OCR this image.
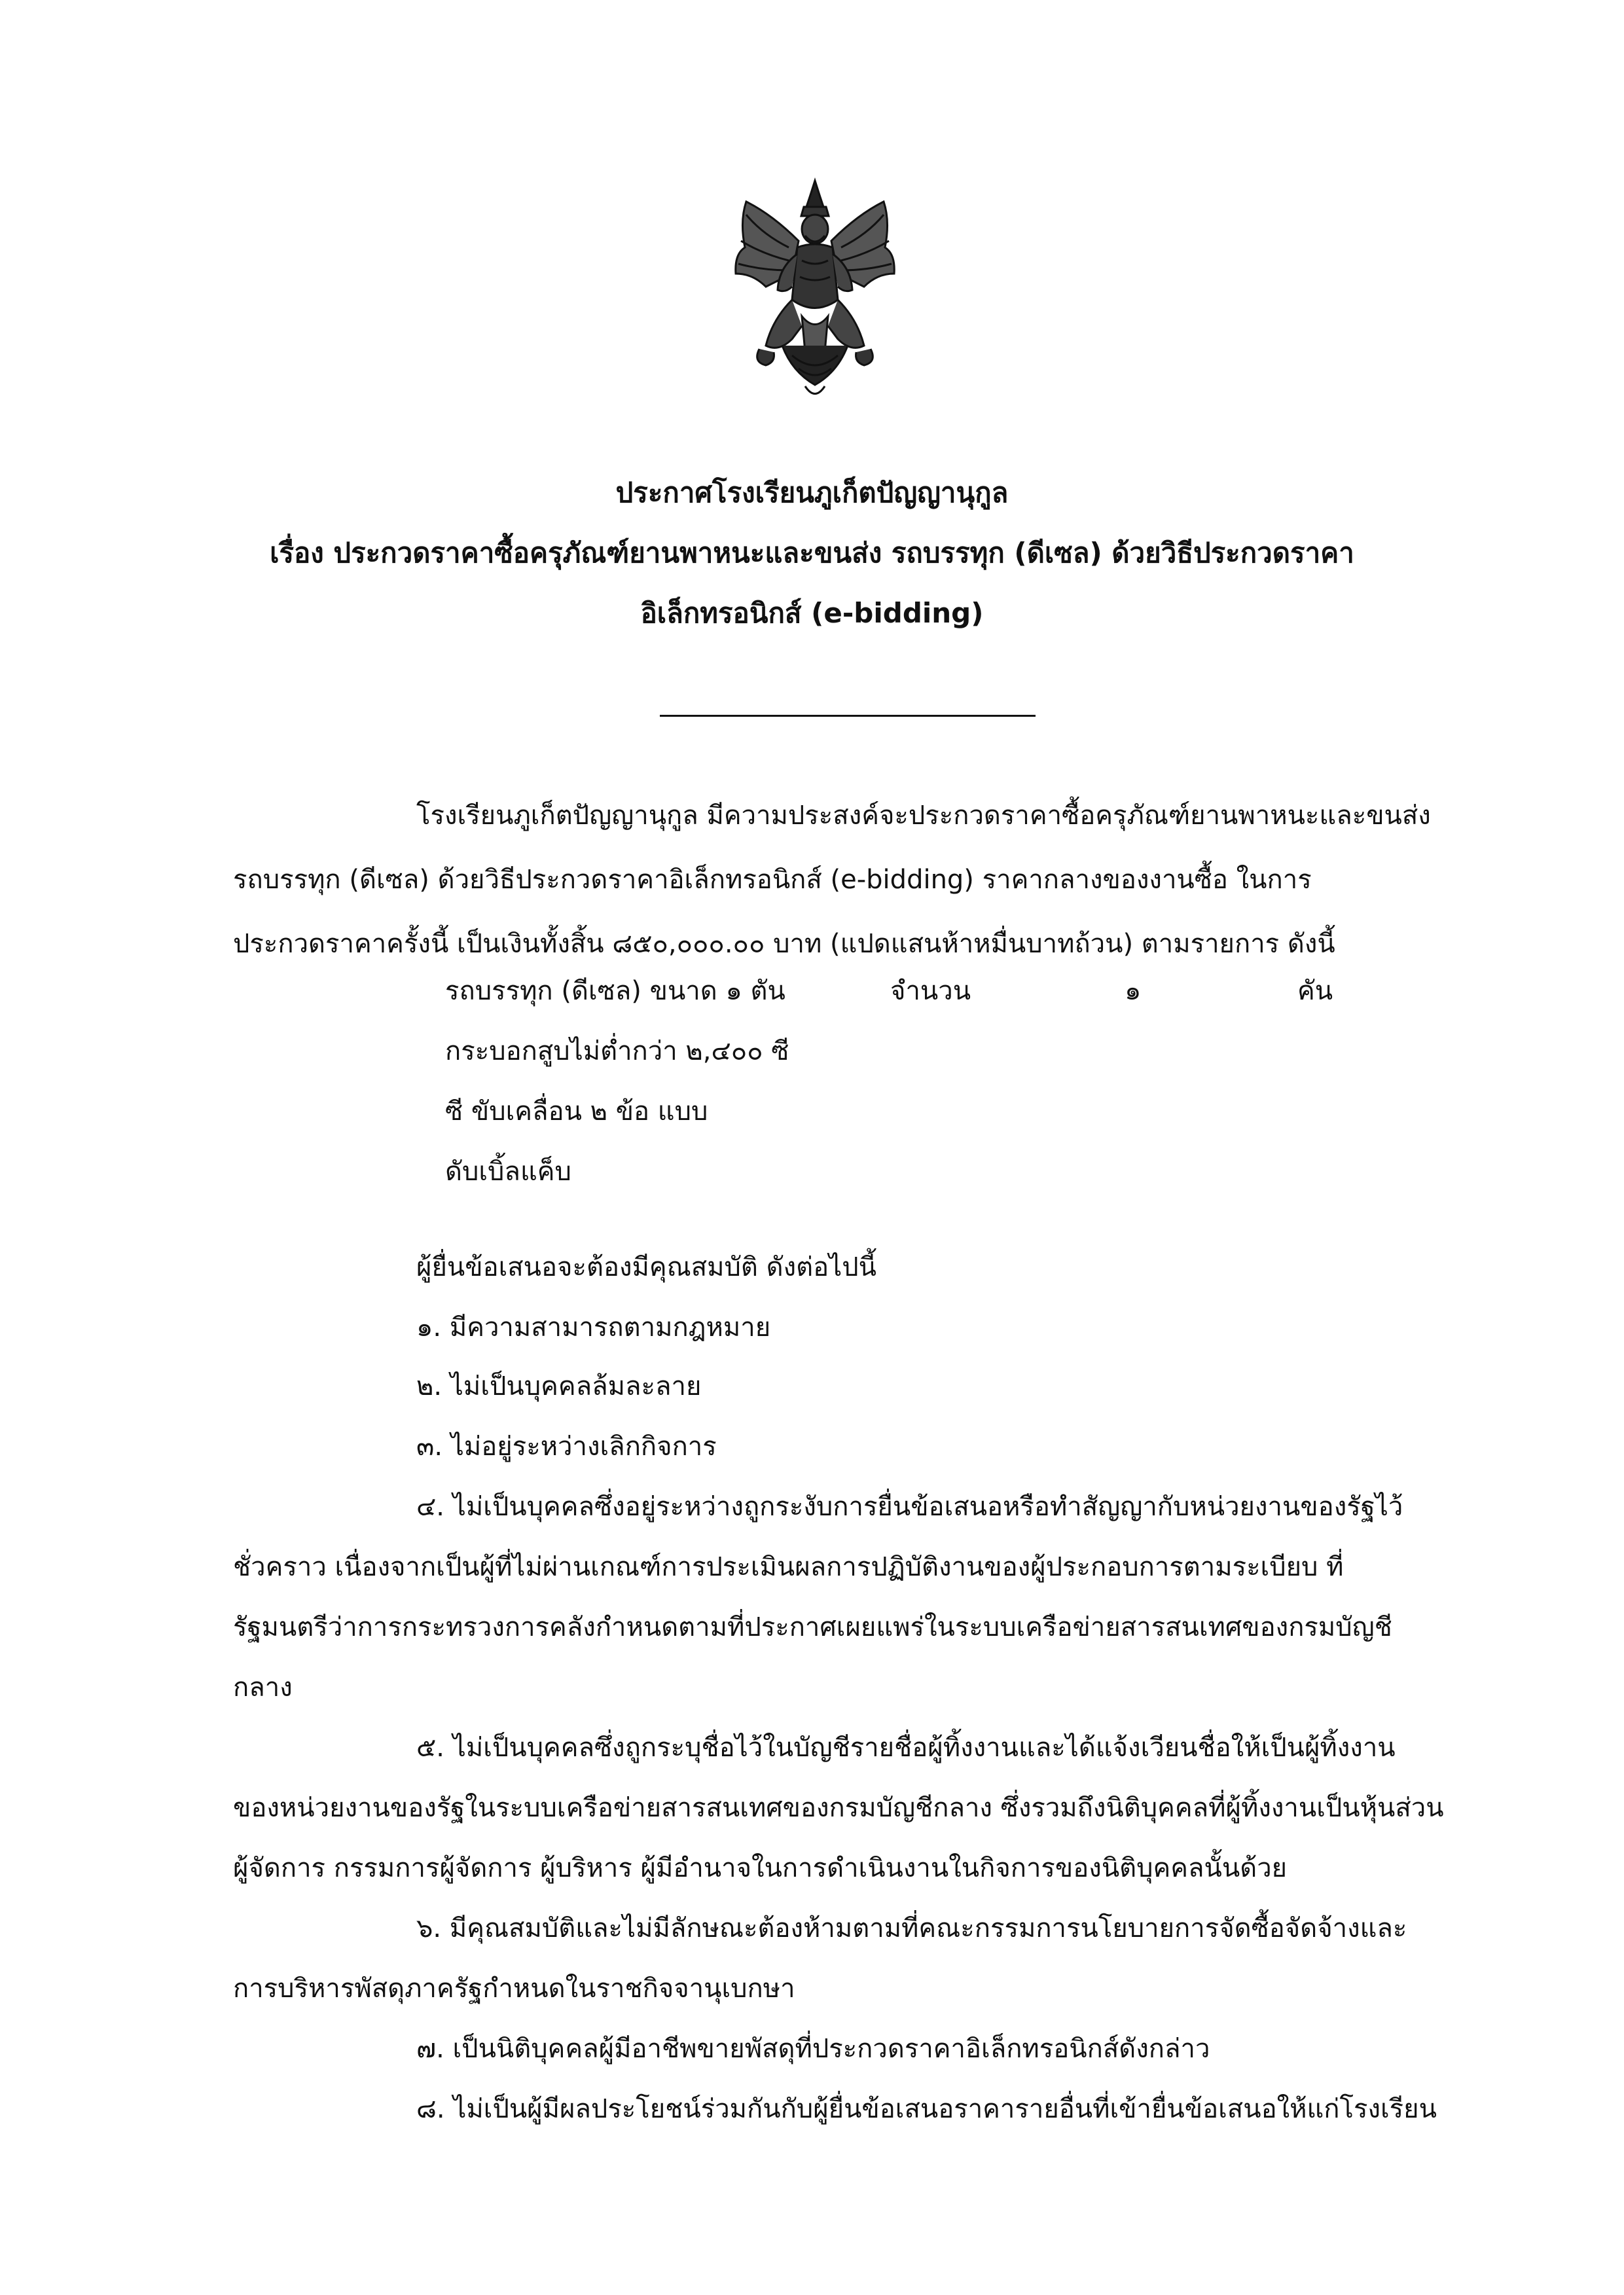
ประกาศโรงเรียนภูเก็ตปัญญานุกูล
เรื่อง ประกวดราคาซื้อครุภัณฑ์ยานพาหนะและขนส่ง รถบรรทุก (ดีเซล) ด้วยวิธีประกวดราคา
อิเล็กทรอนิกส์ (e-bidding)
โรงเรียนภูเก็ตปัญญานุกูล มีความประสงค์จะประกวดราคาซื้อครุภัณฑ์ยานพาหนะและขนส่ง
รถบรรทุก (ดีเซล) ด้วยวิธีประกวดราคาอิเล็กทรอนิกส์ (e-bidding) ราคากลางของงานซื้อ ในการ
ประกวดราคาครั้งนี้ เป็นเงินทั้งสิ้น ๘๕๐,๐๐๐.๐๐ บาท (แปดแสนห้าหมื่นบาทถ้วน) ตามรายการ ดังนี้
รถบรรทุก (ดีเซล) ขนาด ๑ ตัน	จำนวน	๑	คัน
กระบอกสูบไม่ต่ำกว่า ๒,๔๐๐ ซี
ซี ขับเคลื่อน ๒ ข้อ แบบ
ดับเบิ้ลแค็บ
ผู้ยื่นข้อเสนอจะต้องมีคุณสมบัติ ดังต่อไปนี้
๑. มีความสามารถตามกฎหมาย
๒. ไม่เป็นบุคคลล้มละลาย
๓. ไม่อยู่ระหว่างเลิกกิจการ
๔. ไม่เป็นบุคคลซึ่งอยู่ระหว่างถูกระงับการยื่นข้อเสนอหรือทำสัญญากับหน่วยงานของรัฐไว้
ชั่วคราว เนื่องจากเป็นผู้ที่ไม่ผ่านเกณฑ์การประเมินผลการปฏิบัติงานของผู้ประกอบการตามระเบียบ ที่
รัฐมนตรีว่าการกระทรวงการคลังกำหนดตามที่ประกาศเผยแพร่ในระบบเครือข่ายสารสนเทศของกรมบัญชี
กลาง
๕. ไม่เป็นบุคคลซึ่งถูกระบุชื่อไว้ในบัญชีรายชื่อผู้ทิ้งงานและได้แจ้งเวียนชื่อให้เป็นผู้ทิ้งงาน
ของหน่วยงานของรัฐในระบบเครือข่ายสารสนเทศของกรมบัญชีกลาง ซึ่งรวมถึงนิติบุคคลที่ผู้ทิ้งงานเป็นหุ้นส่วน
ผู้จัดการ กรรมการผู้จัดการ ผู้บริหาร ผู้มีอำนาจในการดำเนินงานในกิจการของนิติบุคคลนั้นด้วย
๖. มีคุณสมบัติและไม่มีลักษณะต้องห้ามตามที่คณะกรรมการนโยบายการจัดซื้อจัดจ้างและ
การบริหารพัสดุภาครัฐกำหนดในราชกิจจานุเบกษา
๗. เป็นนิติบุคคลผู้มีอาชีพขายพัสดุที่ประกวดราคาอิเล็กทรอนิกส์ดังกล่าว
๘. ไม่เป็นผู้มีผลประโยชน์ร่วมกันกับผู้ยื่นข้อเสนอราคารายอื่นที่เข้ายื่นข้อเสนอให้แก่โรงเรียน
